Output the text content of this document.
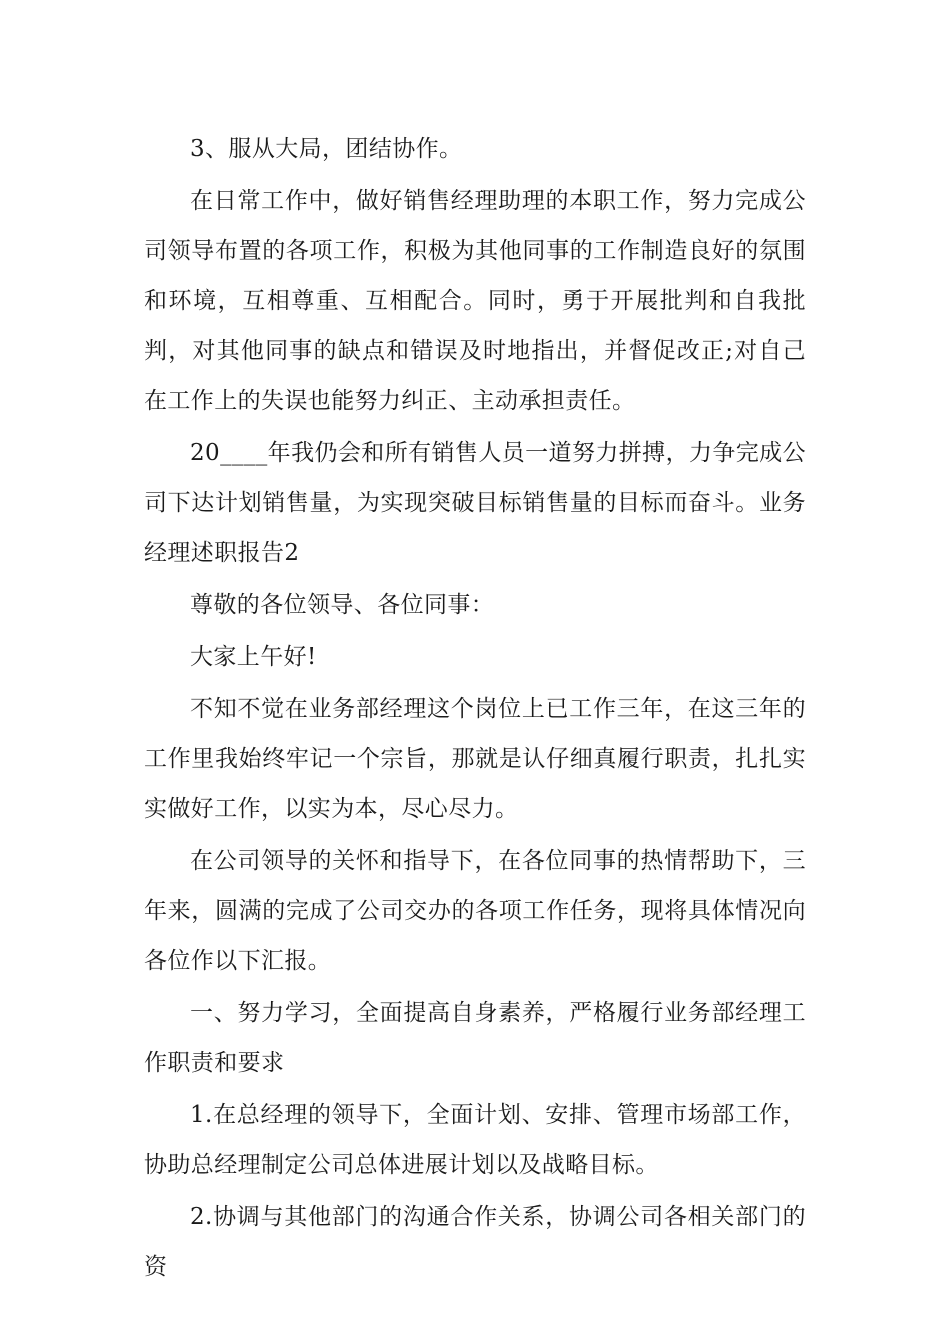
3、服从大局，团结协作。

在日常工作中，做好销售经理助理的本职工作，努力完成公司领导布置的各项工作，积极为其他同事的工作制造良好的氛围和环境，互相尊重、互相配合。同时，勇于开展批判和自我批判，对其他同事的缺点和错误及时地指出，并督促改正;对自己在工作上的失误也能努力纠正、主动承担责任。

20____年我仍会和所有销售人员一道努力拼搏，力争完成公司下达计划销售量，为实现突破目标销售量的目标而奋斗。业务经理述职报告2

尊敬的各位领导、各位同事：

大家上午好!

不知不觉在业务部经理这个岗位上已工作三年，在这三年的工作里我始终牢记一个宗旨，那就是认仔细真履行职责，扎扎实实做好工作，以实为本，尽心尽力。

在公司领导的关怀和指导下，在各位同事的热情帮助下，三年来，圆满的完成了公司交办的各项工作任务，现将具体情况向各位作以下汇报。

一、努力学习，全面提高自身素养，严格履行业务部经理工作职责和要求

1.在总经理的领导下，全面计划、安排、管理市场部工作，协助总经理制定公司总体进展计划以及战略目标。

2.协调与其他部门的沟通合作关系，协调公司各相关部门的资
